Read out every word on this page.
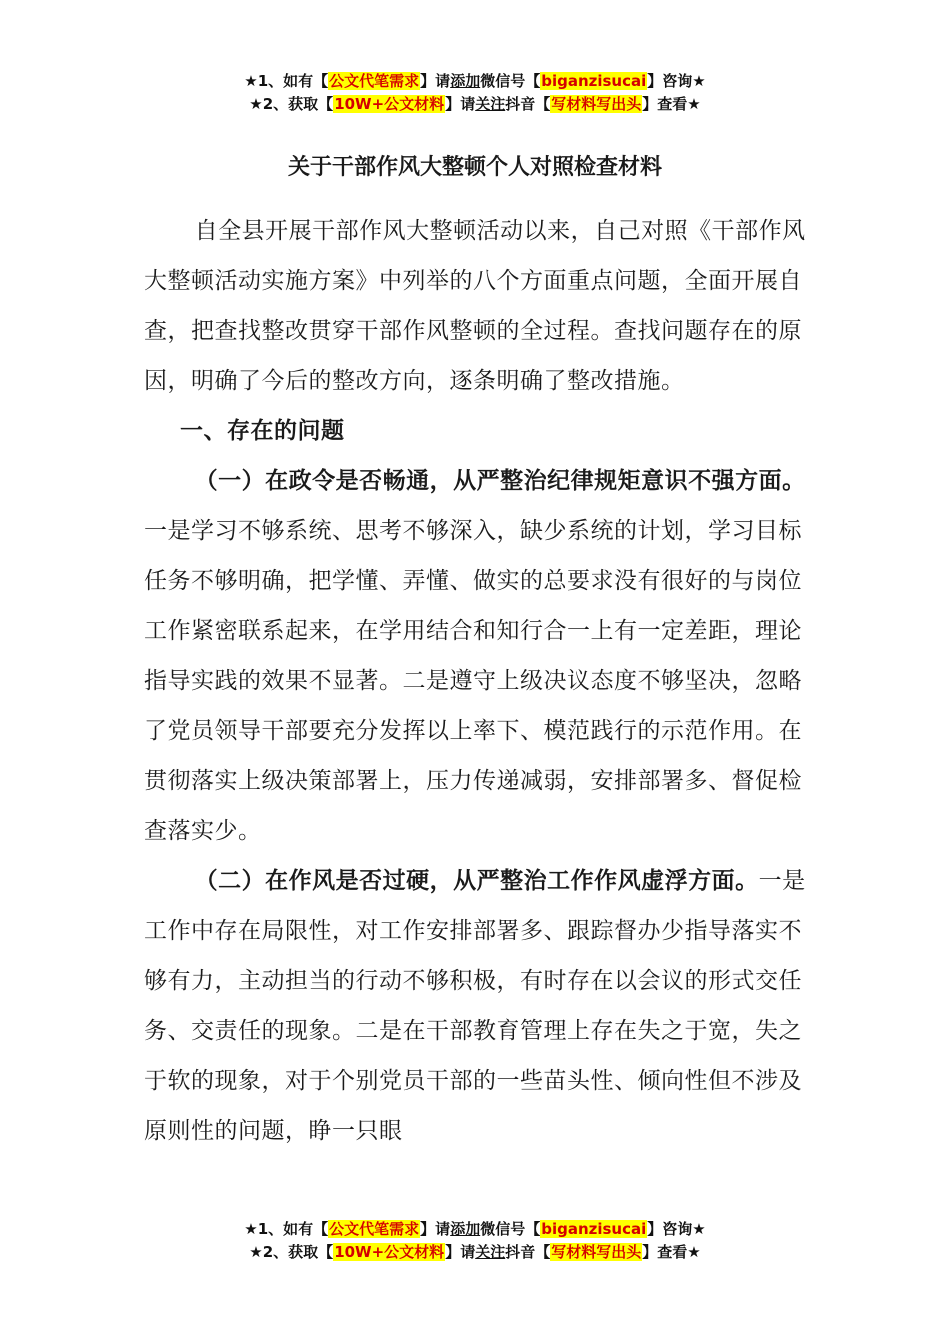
★1、如有【公文代笔需求】请添加微信号【biganzisucai】咨询★
★2、获取【10W+公文材料】请关注抖音【写材料写出头】查看★
关于干部作风大整顿个人对照检查材料

自全县开展干部作风大整顿活动以来，自己对照《干部作风大整顿活动实施方案》中列举的八个方面重点问题，全面开展自查，把查找整改贯穿干部作风整顿的全过程。查找问题存在的原因，明确了今后的整改方向，逐条明确了整改措施。

一、存在的问题

（一）在政令是否畅通，从严整治纪律规矩意识不强方面。一是学习不够系统、思考不够深入，缺少系统的计划，学习目标任务不够明确，把学懂、弄懂、做实的总要求没有很好的与岗位工作紧密联系起来，在学用结合和知行合一上有一定差距，理论指导实践的效果不显著。二是遵守上级决议态度不够坚决，忽略了党员领导干部要充分发挥以上率下、模范践行的示范作用。在贯彻落实上级决策部署上，压力传递减弱，安排部署多、督促检查落实少。

（二）在作风是否过硬，从严整治工作作风虚浮方面。一是工作中存在局限性，对工作安排部署多、跟踪督办少指导落实不够有力，主动担当的行动不够积极，有时存在以会议的形式交任务、交责任的现象。二是在干部教育管理上存在失之于宽，失之于软的现象，对于个别党员干部的一些苗头性、倾向性但不涉及原则性的问题，睁一只眼

★1、如有【公文代笔需求】请添加微信号【biganzisucai】咨询★
★2、获取【10W+公文材料】请关注抖音【写材料写出头】查看★
